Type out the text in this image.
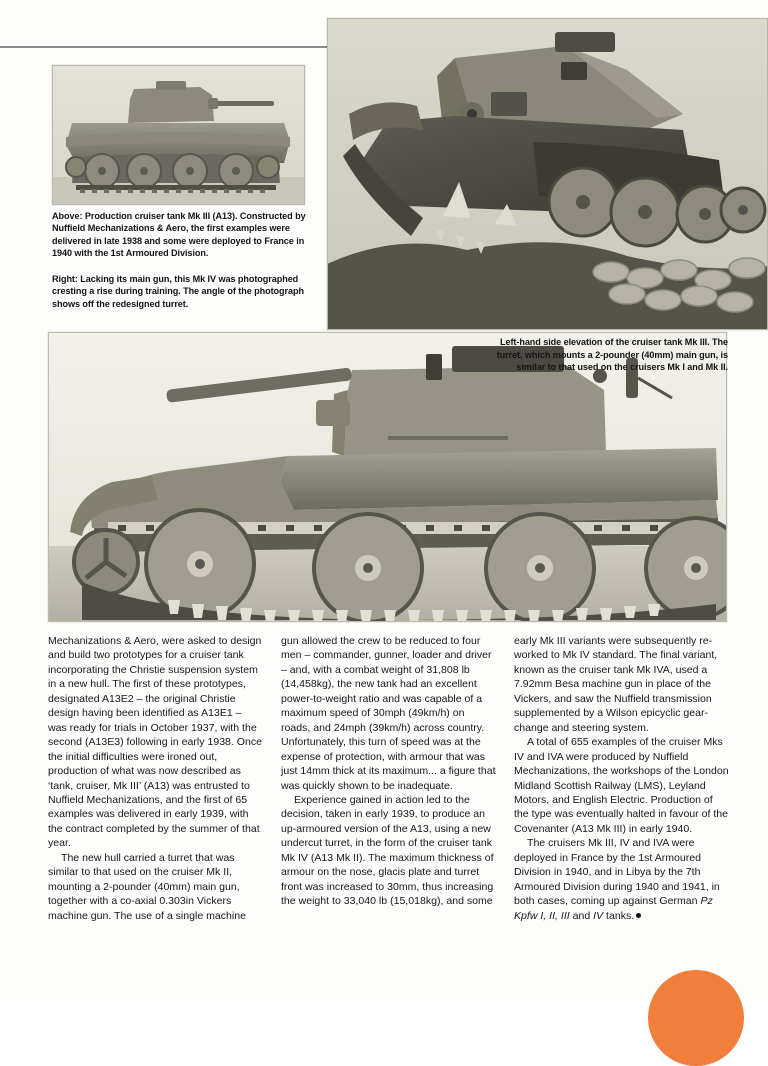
Above: Production cruiser tank Mk III (A13). Constructed by Nuffield Mechanizations & Aero, the first examples were delivered in late 1938 and some were deployed to France in 1940 with the 1st Armoured Division.
Right: Lacking its main gun, this Mk IV was photographed cresting a rise during training. The angle of the photograph shows off the redesigned turret.
Left-hand side elevation of the cruiser tank Mk III. The turret, which mounts a 2-pounder (40mm) main gun, is similar to that used on the cruisers Mk I and Mk II.

Mechanizations & Aero, were asked to design and build two prototypes for a cruiser tank incorporating the Christie suspension system in a new hull. The first of these prototypes, designated A13E2 – the original Christie design having been identified as A13E1 – was ready for trials in October 1937, with the second (A13E3) following in early 1938. Once the initial difficulties were ironed out, production of what was now described as ‘tank, cruiser, Mk III’ (A13) was entrusted to Nuffield Mechanizations, and the first of 65 examples was delivered in early 1939, with the contract completed by the summer of that year.

The new hull carried a turret that was similar to that used on the cruiser Mk II, mounting a 2-pounder (40mm) main gun, together with a co-axial 0.303in Vickers machine gun. The use of a single machine

gun allowed the crew to be reduced to four men – commander, gunner, loader and driver – and, with a combat weight of 31,808 lb (14,458kg), the new tank had an excellent power-to-weight ratio and was capable of a maximum speed of 30mph (49km/h) on roads, and 24mph (39km/h) across country. Unfortunately, this turn of speed was at the expense of protection, with armour that was just 14mm thick at its maximum... a figure that was quickly shown to be inadequate.

Experience gained in action led to the decision, taken in early 1939, to produce an up-armoured version of the A13, using a new undercut turret, in the form of the cruiser tank Mk IV (A13 Mk II). The maximum thickness of armour on the nose, glacis plate and turret front was increased to 30mm, thus increasing the weight to 33,040 lb (15,018kg), and some

early Mk III variants were subsequently re-worked to Mk IV standard. The final variant, known as the cruiser tank Mk IVA, used a 7.92mm Besa machine gun in place of the Vickers, and saw the Nuffield transmission supplemented by a Wilson epicyclic gear-change and steering system.

A total of 655 examples of the cruiser Mks IV and IVA were produced by Nuffield Mechanizations, the workshops of the London Midland Scottish Railway (LMS), Leyland Motors, and English Electric. Production of the type was eventually halted in favour of the Covenanter (A13 Mk III) in early 1940.

The cruisers Mk III, IV and IVA were deployed in France by the 1st Armoured Division in 1940, and in Libya by the 7th Armoured Division during 1940 and 1941, in both cases, coming up against German Pz Kpfw I, II, III and IV tanks.
